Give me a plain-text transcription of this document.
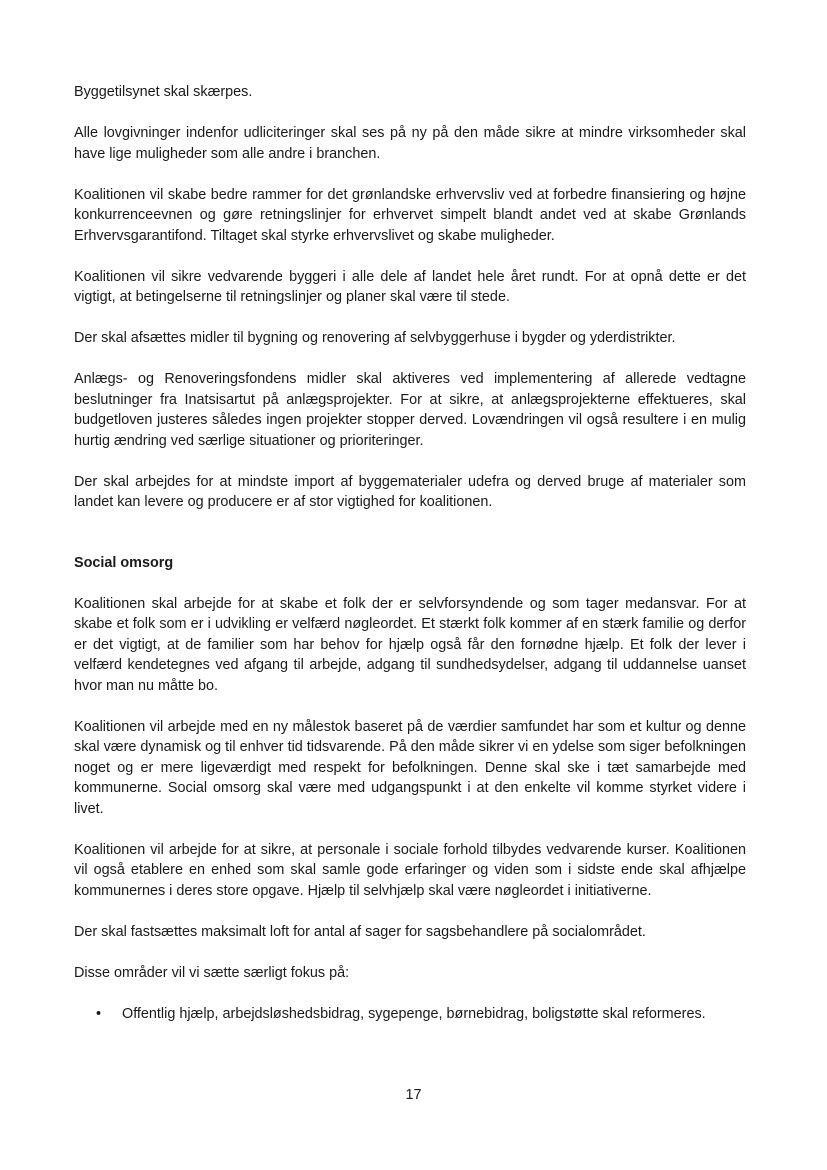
Byggetilsynet skal skærpes.

Alle lovgivninger indenfor udliciteringer skal ses på ny på den måde sikre at mindre virksomheder skal have lige muligheder som alle andre i branchen.

Koalitionen vil skabe bedre rammer for det grønlandske erhvervsliv ved at forbedre finansiering og højne konkurrenceevnen og gøre retningslinjer for erhvervet simpelt blandt andet ved at skabe Grønlands Erhvervsgarantifond. Tiltaget skal styrke erhvervslivet og skabe muligheder.

Koalitionen vil sikre vedvarende byggeri i alle dele af landet hele året rundt. For at opnå dette er det vigtigt, at betingelserne til retningslinjer og planer skal være til stede.

Der skal afsættes midler til bygning og renovering af selvbyggerhuse i bygder og yderdistrikter.

Anlægs- og Renoveringsfondens midler skal aktiveres ved implementering af allerede vedtagne beslutninger fra Inatsisartut på anlægsprojekter. For at sikre, at anlægsprojekterne effektueres, skal budgetloven justeres således ingen projekter stopper derved. Lovændringen vil også resultere i en mulig hurtig ændring ved særlige situationer og prioriteringer.

Der skal arbejdes for at mindste import af byggematerialer udefra og derved bruge af materialer som landet kan levere og producere er af stor vigtighed for koalitionen.

Social omsorg

Koalitionen skal arbejde for at skabe et folk der er selvforsyndende og som tager medansvar. For at skabe et folk som er i udvikling er velfærd nøgleordet. Et stærkt folk kommer af en stærk familie og derfor er det vigtigt, at de familier som har behov for hjælp også får den fornødne hjælp. Et folk der lever i velfærd kendetegnes ved afgang til arbejde, adgang til sundhedsydelser, adgang til uddannelse uanset hvor man nu måtte bo.

Koalitionen vil arbejde med en ny målestok baseret på de værdier samfundet har som et kultur og denne skal være dynamisk og til enhver tid tidsvarende. På den måde sikrer vi en ydelse som siger befolkningen noget og er mere ligeværdigt med respekt for befolkningen. Denne skal ske i tæt samarbejde med kommunerne. Social omsorg skal være med udgangspunkt i at den enkelte vil komme styrket videre i livet.

Koalitionen vil arbejde for at sikre, at personale i sociale forhold tilbydes vedvarende kurser. Koalitionen vil også etablere en enhed som skal samle gode erfaringer og viden som i sidste ende skal afhjælpe kommunernes i deres store opgave. Hjælp til selvhjælp skal være nøgleordet i initiativerne.

Der skal fastsættes maksimalt loft for antal af sager for sagsbehandlere på socialområdet.

Disse områder vil vi sætte særligt fokus på:

• Offentlig hjælp, arbejdsløshedsbidrag, sygepenge, børnebidrag, boligstøtte skal reformeres.
17
